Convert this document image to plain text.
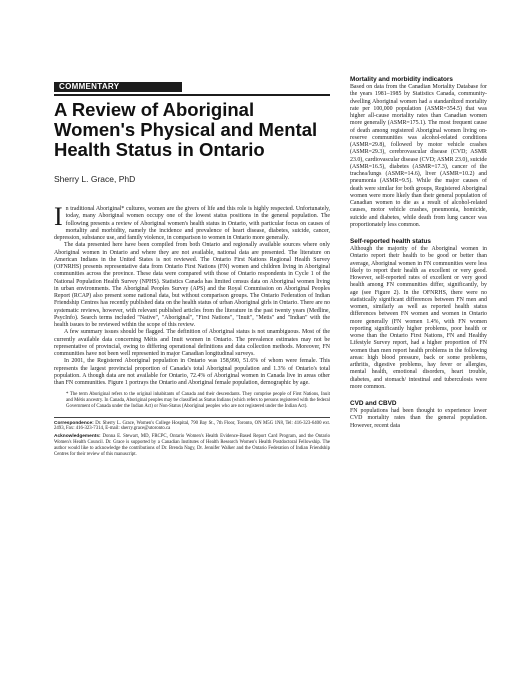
COMMENTARY
A Review of Aboriginal Women's Physical and Mental Health Status in Ontario
Sherry L. Grace, PhD

In traditional Aboriginal* cultures, women are the givers of life and this role is highly respected. Unfortunately, today, many Aboriginal women occupy one of the lowest status positions in the general population. The following presents a review of Aboriginal women's health status in Ontario, with particular focus on causes of mortality and morbidity, namely the incidence and prevalence of heart disease, diabetes, suicide, cancer, depression, substance use, and family violence, in comparison to women in Ontario more generally.

The data presented here have been compiled from both Ontario and regionally available sources where only Aboriginal women in Ontario and where they are not available, national data are presented. The literature on American Indians in the United States is not reviewed. The Ontario First Nations Regional Health Survey (OFNRHS) presents representative data from Ontario First Nations (FN) women and children living in Aboriginal communities across the province. These data were compared with those of Ontario respondents in Cycle 1 of the National Population Health Survey (NPHS). Statistics Canada has limited census data on Aboriginal women living in urban environments. The Aboriginal Peoples Survey (APS) and the Royal Commission on Aboriginal Peoples Report (RCAP) also present some national data, but without comparison groups. The Ontario Federation of Indian Friendship Centres has recently published data on the health status of urban Aboriginal girls in Ontario. There are no systematic reviews, however, with relevant published articles from the literature in the past twenty years (Medline, PsycInfo). Search terms included "Native", "Aboriginal", "First Nations", "Inuit", "Metis" and "Indian" with the health issues to be reviewed within the scope of this review.

A few summary issues should be flagged. The definition of Aboriginal status is not unambiguous. Most of the currently available data concerning Métis and Inuit women in Ontario. The prevalence estimates may not be representative of provincial, owing to differing operational definitions and data collection methods. Moreover, FN communities have not been well represented in major Canadian longitudinal surveys.

In 2001, the Registered Aboriginal population in Ontario was 158,990, 51.6% of whom were female. This represents the largest provincial proportion of Canada's total Aboriginal population and 1.3% of Ontario's total population. A though data are not available for Ontario, 72.4% of Aboriginal women in Canada live in areas other than FN communities. Figure 1 portrays the Ontario and Aboriginal female population, demographic by age.

* The term Aboriginal refers to the original inhabitants of Canada and their descendants. They comprise people of First Nations, Inuit and Métis ancestry. In Canada, Aboriginal peoples may be classified as Status Indians (which refers to persons registered with the federal Government of Canada under the Indian Act) or Non-Status (Aboriginal peoples who are not registered under the Indian Act).

Correspondence: Dr. Sherry L. Grace, Women's College Hospital, 790 Bay St., 7th Floor, Toronto, ON M5G 1N8, Tel: 416-323-6400 ext. 2493, Fax: 416-323-7314, E-mail: sherry.grace@utoronto.ca

Acknowledgements: Donna E. Stewart, MD, FRCPC, Ontario Women's Health Evidence-Based Report Card Program, and the Ontario Women's Health Council. Dr. Grace is supported by a Canadian Institutes of Health Research Women's Health Postdoctoral Fellowship. The author would like to acknowledge the contributions of Dr. Brenda Nagy, Dr. Jennifer Walker and the Ontario Federation of Indian Friendship Centres for their review of this manuscript.

Mortality and morbidity indicators

Based on data from the Canadian Mortality Database for the years 1981–1985 by Statistics Canada, community-dwelling Aboriginal women had a standardized mortality rate per 100,000 population (ASMR=354.5) that was higher all-cause mortality rates than Canadian women more generally (ASMR=175.1). The most frequent cause of death among registered Aboriginal women living on-reserve communities was alcohol-related conditions (ASMR=29.8), followed by motor vehicle crashes (ASMR=29.3), cerebrovascular disease (CVD; ASMR 23.0), cardiovascular disease (CVD; ASMR 23.0), suicide (ASMR=16.5), diabetes (ASMR=17.3), cancer of the trachea/lungs (ASMR=14.6), liver (ASMR=10.2) and pneumonia (ASMR=9.5). While the major causes of death were similar for both groups, Registered Aboriginal women were more likely than their general population of Canadian women to die as a result of alcohol-related causes, motor vehicle crashes, pneumonia, homicide, suicide and diabetes, while death from lung cancer was proportionately less common.

Self-reported health status

Although the majority of the Aboriginal women in Ontario report their health to be good or better than average, Aboriginal women in FN communities were less likely to report their health as excellent or very good. However, self-reported rates of excellent or very good health among FN communities differ, significantly, by age (see Figure 2). In the OFNRHS, there were no statistically significant differences between FN men and women, similarly as well as reported health status differences between FN women and women in Ontario more generally (FN women 1.4%, with FN women reporting significantly higher problems, poor health or worse than the Ontario First Nations, FN and Healthy Lifestyle Survey report, had a higher proportion of FN women than men report health problems in the following areas: high blood pressure, back or some problems, arthritis, digestive problems, hay fever or allergies, mental health, emotional disorders, heart trouble, diabetes, and stomach/ intestinal and tuberculosis were more common.

CVD and CBVD

FN populations had been thought to experience lower CVD mortality rates than the general population. However, recent data
